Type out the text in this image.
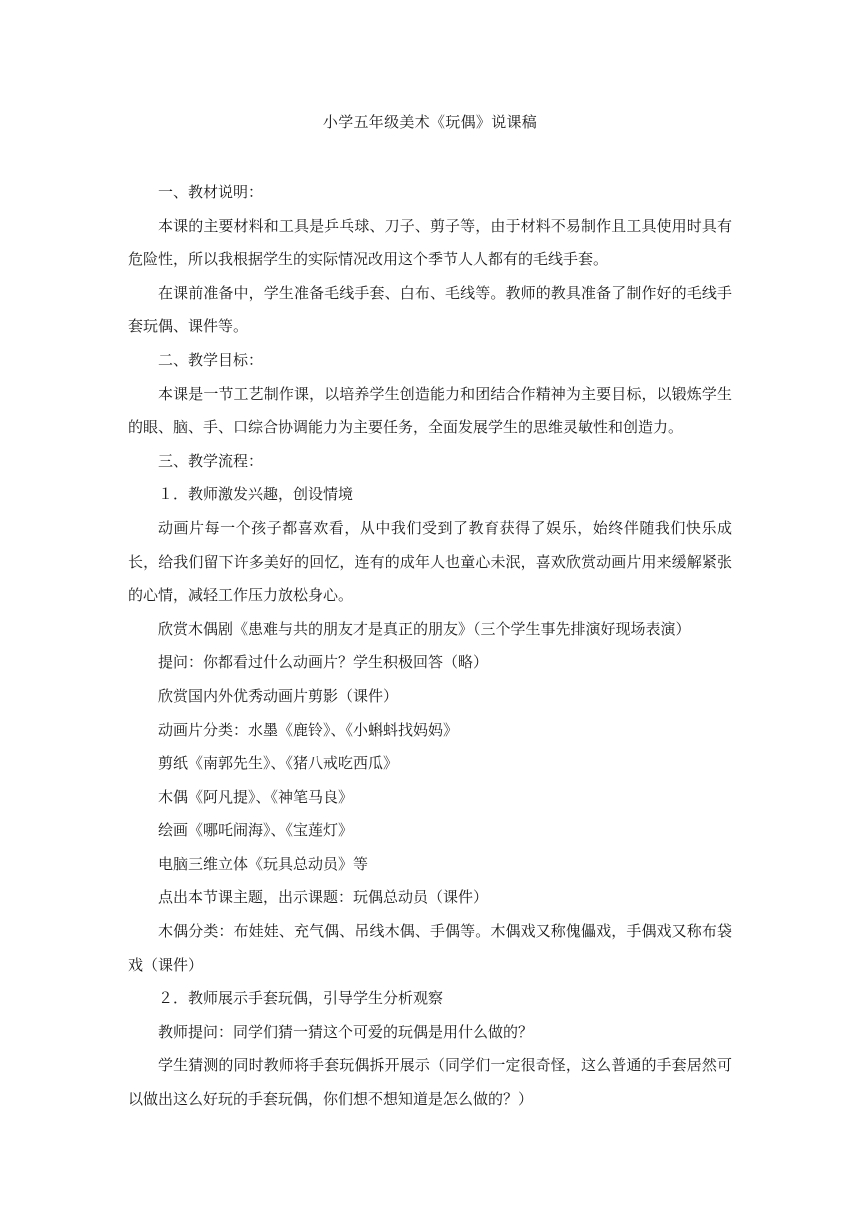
小学五年级美术《玩偶》说课稿

一、教材说明：

本课的主要材料和工具是乒乓球、刀子、剪子等，由于材料不易制作且工具使用时具有危险性，所以我根据学生的实际情况改用这个季节人人都有的毛线手套。

在课前准备中，学生准备毛线手套、白布、毛线等。教师的教具准备了制作好的毛线手套玩偶、课件等。

二、教学目标：

本课是一节工艺制作课，以培养学生创造能力和团结合作精神为主要目标，以锻炼学生的眼、脑、手、口综合协调能力为主要任务，全面发展学生的思维灵敏性和创造力。

三、教学流程：

１．教师激发兴趣，创设情境

动画片每一个孩子都喜欢看，从中我们受到了教育获得了娱乐，始终伴随我们快乐成长，给我们留下许多美好的回忆，连有的成年人也童心未泯，喜欢欣赏动画片用来缓解紧张的心情，减轻工作压力放松身心。

欣赏木偶剧《患难与共的朋友才是真正的朋友》（三个学生事先排演好现场表演）

提问：你都看过什么动画片？学生积极回答（略）

欣赏国内外优秀动画片剪影（课件）

动画片分类：水墨《鹿铃》、《小蝌蚪找妈妈》

剪纸《南郭先生》、《猪八戒吃西瓜》

木偶《阿凡提》、《神笔马良》

绘画《哪吒闹海》、《宝莲灯》

电脑三维立体《玩具总动员》等

点出本节课主题，出示课题：玩偶总动员（课件）

木偶分类：布娃娃、充气偶、吊线木偶、手偶等。木偶戏又称傀儡戏，手偶戏又称布袋戏（课件）

２．教师展示手套玩偶，引导学生分析观察

教师提问：同学们猜一猜这个可爱的玩偶是用什么做的？

学生猜测的同时教师将手套玩偶拆开展示（同学们一定很奇怪，这么普通的手套居然可以做出这么好玩的手套玩偶，你们想不想知道是怎么做的？）
